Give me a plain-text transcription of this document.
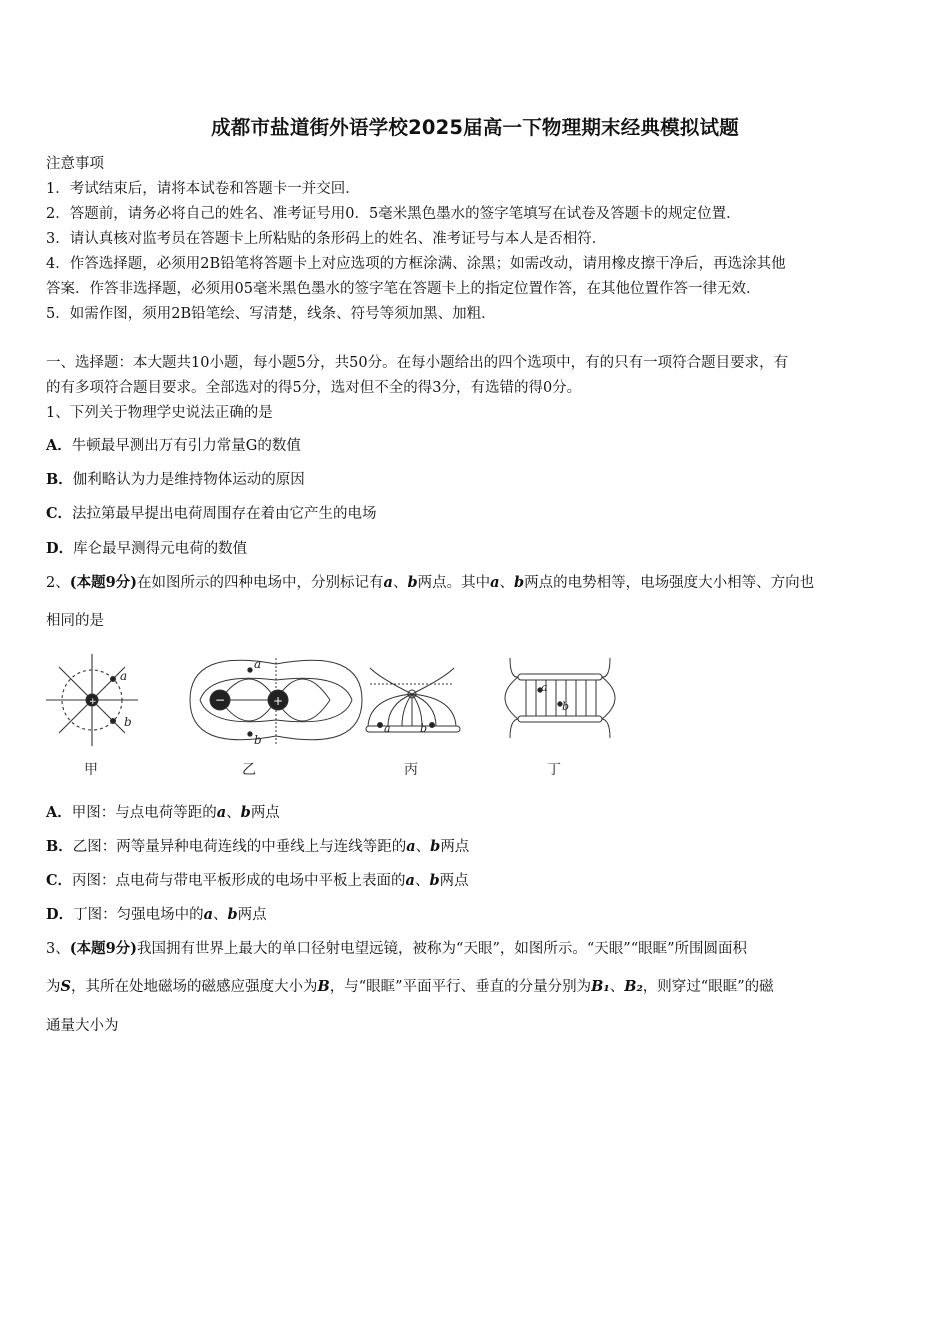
成都市盐道街外语学校2025届高一下物理期末经典模拟试题
注意事项
1．考试结束后，请将本试卷和答题卡一并交回．
2．答题前，请务必将自己的姓名、准考证号用0．5毫米黑色墨水的签字笔填写在试卷及答题卡的规定位置．
3．请认真核对监考员在答题卡上所粘贴的条形码上的姓名、准考证号与本人是否相符．
4．作答选择题，必须用2B铅笔将答题卡上对应选项的方框涂满、涂黑；如需改动，请用橡皮擦干净后，再选涂其他
答案．作答非选择题，必须用05毫米黑色墨水的签字笔在答题卡上的指定位置作答，在其他位置作答一律无效．
5．如需作图，须用2B铅笔绘、写清楚，线条、符号等须加黑、加粗．
一、选择题：本大题共10小题，每小题5分，共50分。在每小题给出的四个选项中，有的只有一项符合题目要求，有
的有多项符合题目要求。全部选对的得5分，选对但不全的得3分，有选错的得0分。
1、下列关于物理学史说法正确的是
A．牛顿最早测出万有引力常量G的数值
B．伽利略认为力是维持物体运动的原因
C．法拉第最早提出电荷周围存在着由它产生的电场
D．库仑最早测得元电荷的数值
2、(本题9分)在如图所示的四种电场中，分别标记有a、b两点。其中a、b两点的电势相等，电场强度大小相等、方向也
相同的是
+
a
b
甲
−	+
a
b
乙
a	b
丙
a
b
丁
A．甲图：与点电荷等距的a、b两点
B．乙图：两等量异种电荷连线的中垂线上与连线等距的a、b两点
C．丙图：点电荷与带电平板形成的电场中平板上表面的a、b两点
D．丁图：匀强电场中的a、b两点
3、(本题9分)我国拥有世界上最大的单口径射电望远镜，被称为“天眼”，如图所示。“天眼”“眼眶”所围圆面积
为S，其所在处地磁场的磁感应强度大小为B，与“眼眶”平面平行、垂直的分量分别为B₁、B₂，则穿过“眼眶”的磁
通量大小为
